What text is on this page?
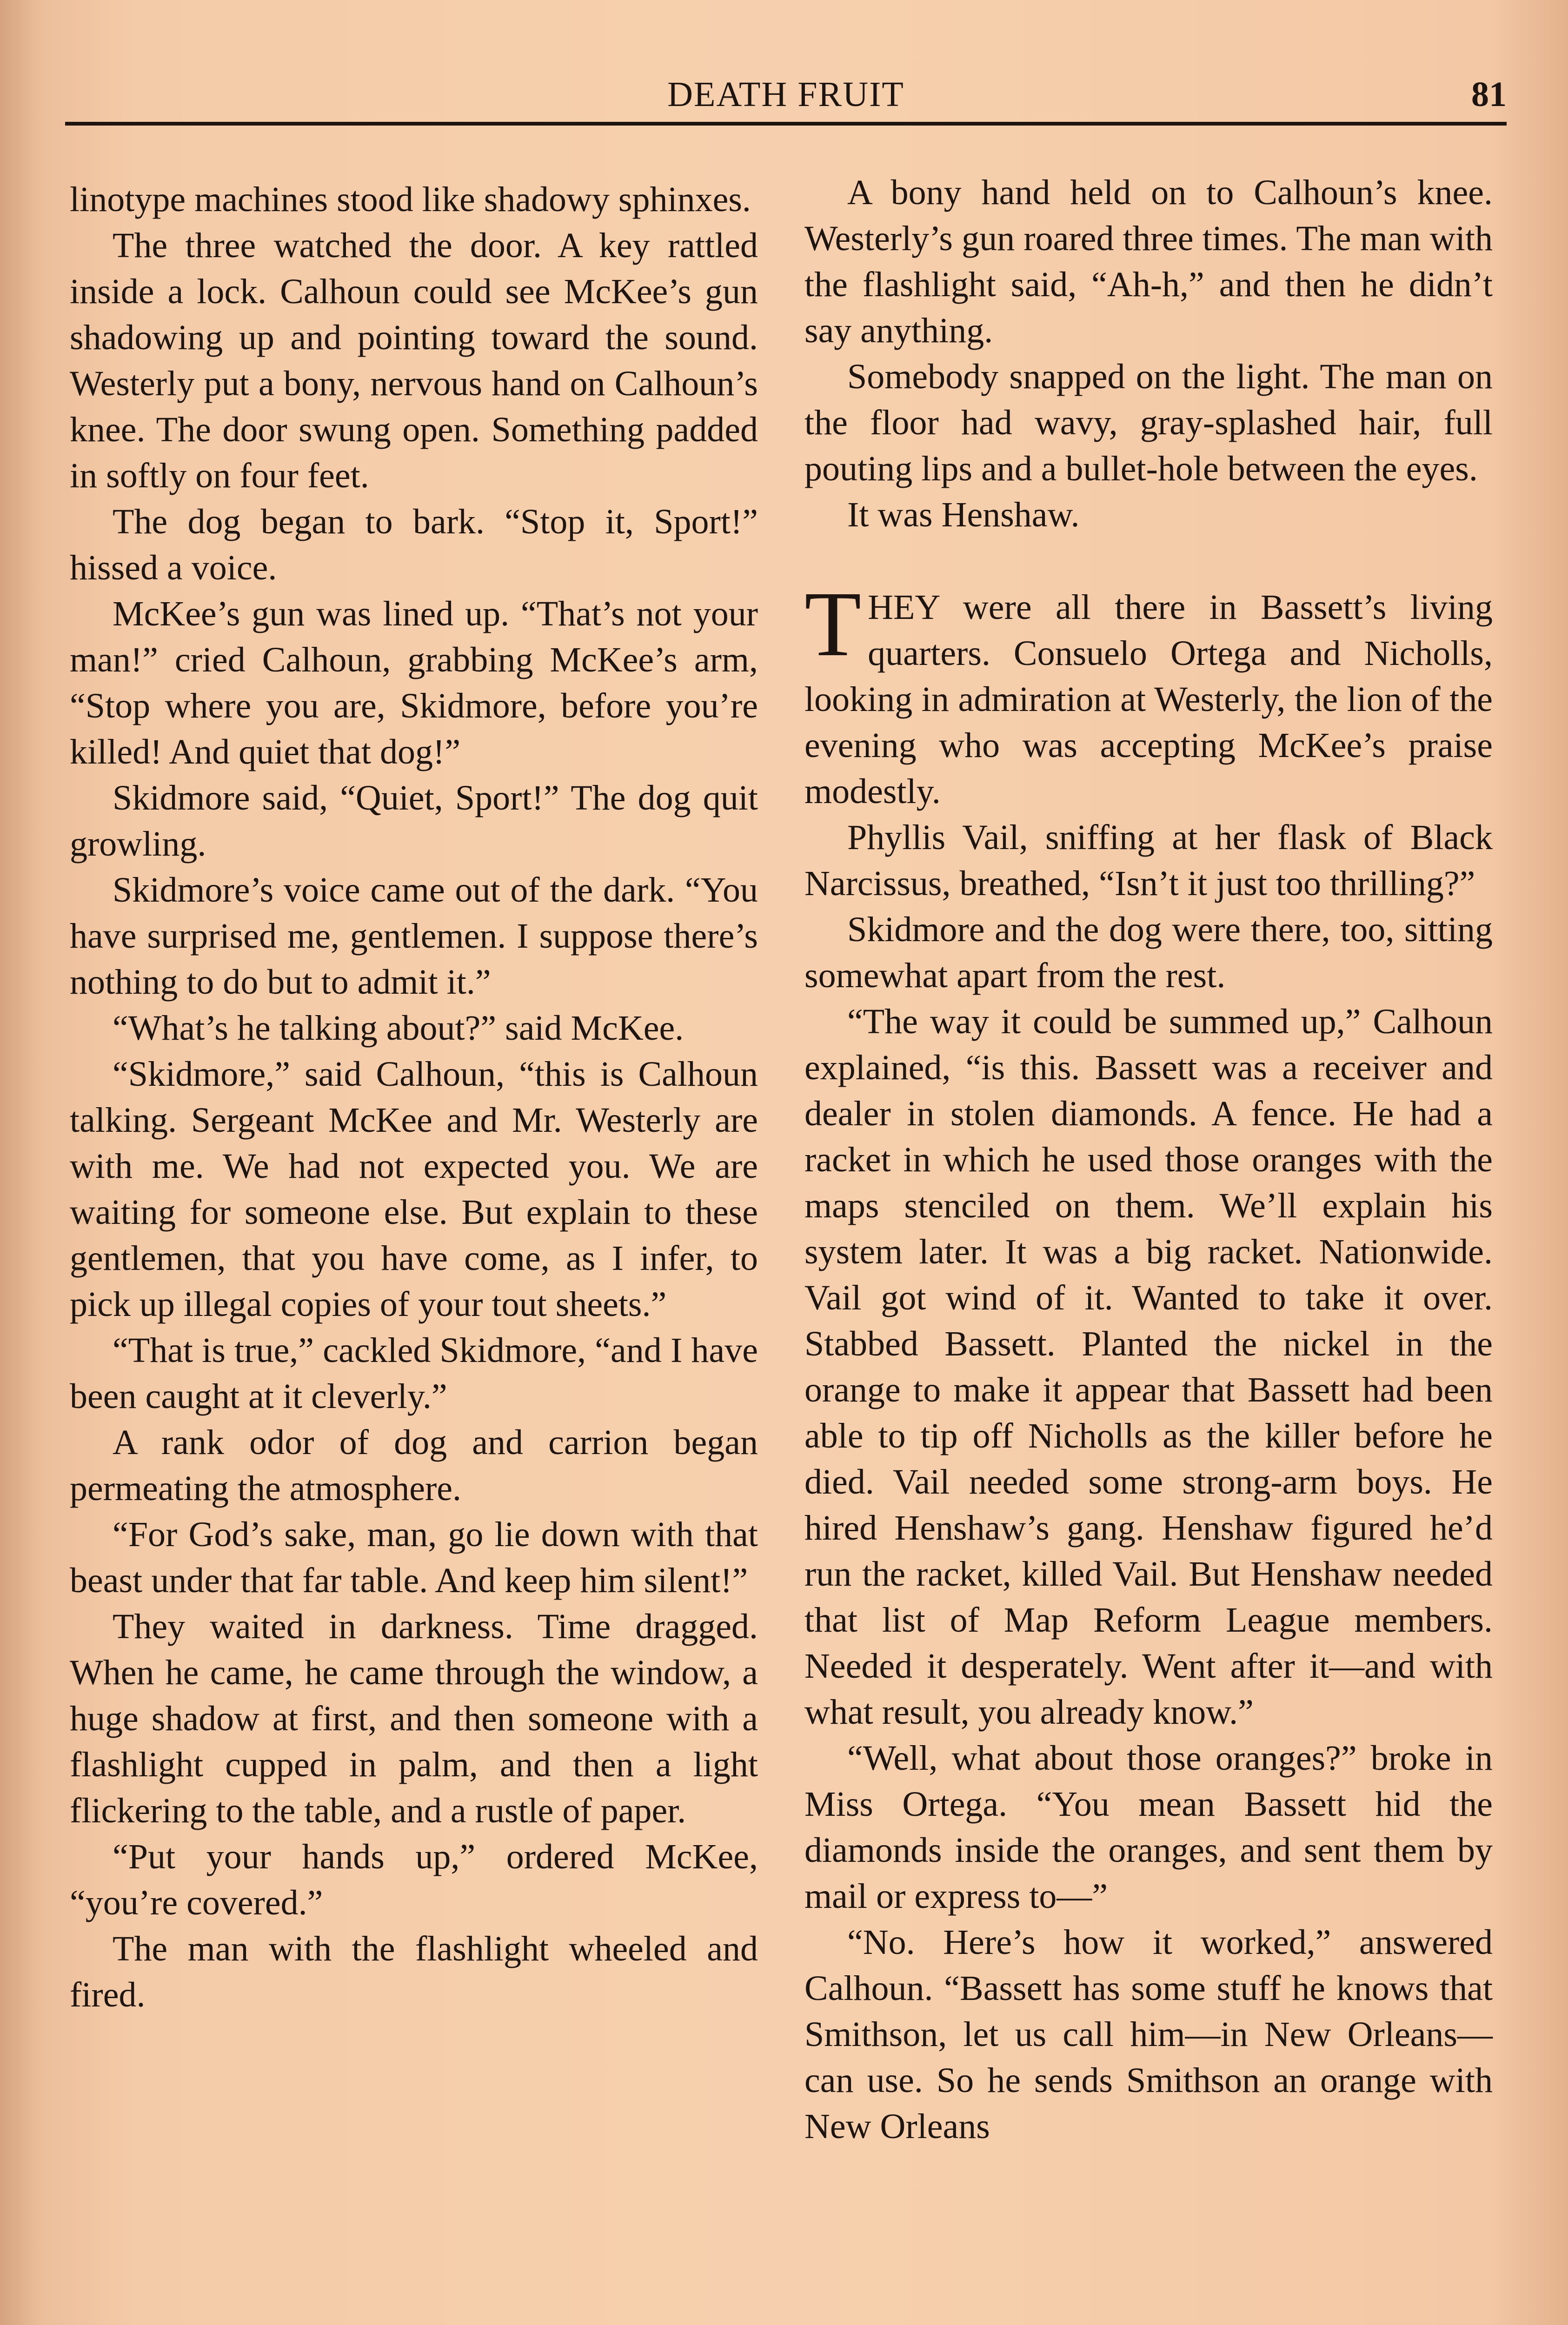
DEATH FRUIT	81

linotype machines stood like shadowy sphinxes.

The three watched the door. A key rattled inside a lock. Calhoun could see McKee’s gun shadowing up and pointing toward the sound. Westerly put a bony, nervous hand on Calhoun’s knee. The door swung open. Something padded in softly on four feet.

The dog began to bark. “Stop it, Sport!” hissed a voice.

McKee’s gun was lined up. “That’s not your man!” cried Calhoun, grabbing McKee’s arm, “Stop where you are, Skidmore, before you’re killed! And quiet that dog!”

Skidmore said, “Quiet, Sport!” The dog quit growling.

Skidmore’s voice came out of the dark. “You have surprised me, gentlemen. I suppose there’s nothing to do but to admit it.”

“What’s he talking about?” said McKee.

“Skidmore,” said Calhoun, “this is Calhoun talking. Sergeant McKee and Mr. Westerly are with me. We had not expected you. We are waiting for someone else. But explain to these gentlemen, that you have come, as I infer, to pick up illegal copies of your tout sheets.”

“That is true,” cackled Skidmore, “and I have been caught at it cleverly.”

A rank odor of dog and carrion began permeating the atmosphere.

“For God’s sake, man, go lie down with that beast under that far table. And keep him silent!”

They waited in darkness. Time dragged. When he came, he came through the window, a huge shadow at first, and then someone with a flashlight cupped in palm, and then a light flickering to the table, and a rustle of paper.

“Put your hands up,” ordered McKee, “you’re covered.”

The man with the flashlight wheeled and fired.

A bony hand held on to Calhoun’s knee. Westerly’s gun roared three times. The man with the flashlight said, “Ah-h,” and then he didn’t say anything.

Somebody snapped on the light. The man on the floor had wavy, gray-splashed hair, full pouting lips and a bullet-hole between the eyes.

It was Henshaw.

THEY were all there in Bassett’s living quarters. Consuelo Ortega and Nicholls, looking in admiration at Westerly, the lion of the evening who was accepting McKee’s praise modestly.

Phyllis Vail, sniffing at her flask of Black Narcissus, breathed, “Isn’t it just too thrilling?”

Skidmore and the dog were there, too, sitting somewhat apart from the rest.

“The way it could be summed up,” Calhoun explained, “is this. Bassett was a receiver and dealer in stolen diamonds. A fence. He had a racket in which he used those oranges with the maps stenciled on them. We’ll explain his system later. It was a big racket. Nationwide. Vail got wind of it. Wanted to take it over. Stabbed Bassett. Planted the nickel in the orange to make it appear that Bassett had been able to tip off Nicholls as the killer before he died. Vail needed some strong-arm boys. He hired Henshaw’s gang. Henshaw figured he’d run the racket, killed Vail. But Henshaw needed that list of Map Reform League members. Needed it desperately. Went after it—and with what result, you already know.”

“Well, what about those oranges?” broke in Miss Ortega. “You mean Bassett hid the diamonds inside the oranges, and sent them by mail or express to—”

“No. Here’s how it worked,” answered Calhoun. “Bassett has some stuff he knows that Smithson, let us call him—in New Orleans—can use. So he sends Smithson an orange with New Orleans
